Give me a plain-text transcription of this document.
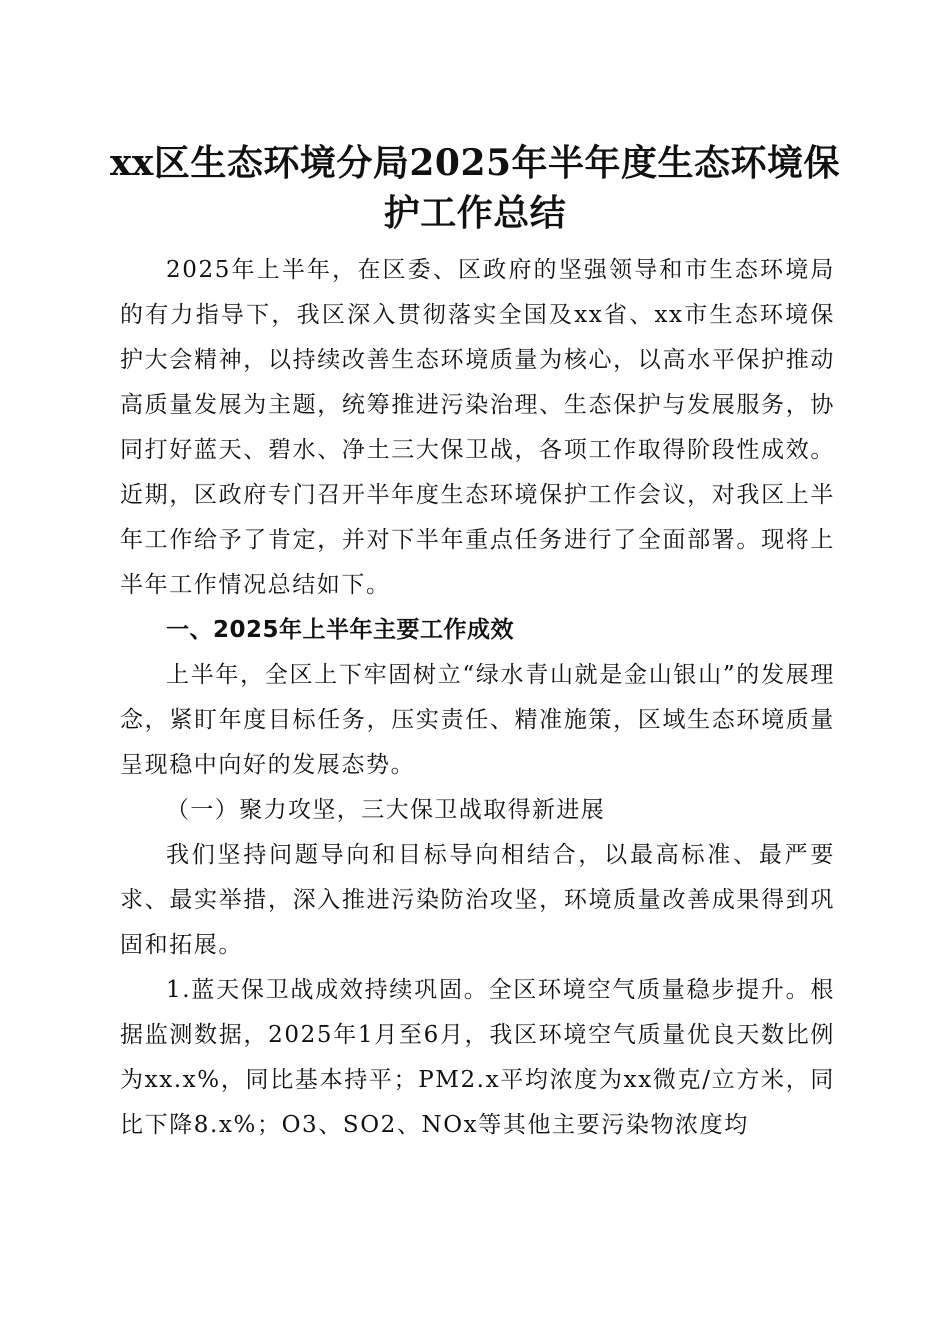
xx区生态环境分局2025年半年度生态环境保护工作总结

2025年上半年，在区委、区政府的坚强领导和市生态环境局的有力指导下，我区深入贯彻落实全国及xx省、xx市生态环境保护大会精神，以持续改善生态环境质量为核心，以高水平保护推动高质量发展为主题，统筹推进污染治理、生态保护与发展服务，协同打好蓝天、碧水、净土三大保卫战，各项工作取得阶段性成效。近期，区政府专门召开半年度生态环境保护工作会议，对我区上半年工作给予了肯定，并对下半年重点任务进行了全面部署。现将上半年工作情况总结如下。

一、2025年上半年主要工作成效

上半年，全区上下牢固树立“绿水青山就是金山银山”的发展理念，紧盯年度目标任务，压实责任、精准施策，区域生态环境质量呈现稳中向好的发展态势。

（一）聚力攻坚，三大保卫战取得新进展

我们坚持问题导向和目标导向相结合，以最高标准、最严要求、最实举措，深入推进污染防治攻坚，环境质量改善成果得到巩固和拓展。

1.蓝天保卫战成效持续巩固。全区环境空气质量稳步提升。根据监测数据，2025年1月至6月，我区环境空气质量优良天数比例为xx.x%，同比基本持平；PM2.x平均浓度为xx微克/立方米，同比下降8.x%；O3、SO2、NOx等其他主要污染物浓度均
